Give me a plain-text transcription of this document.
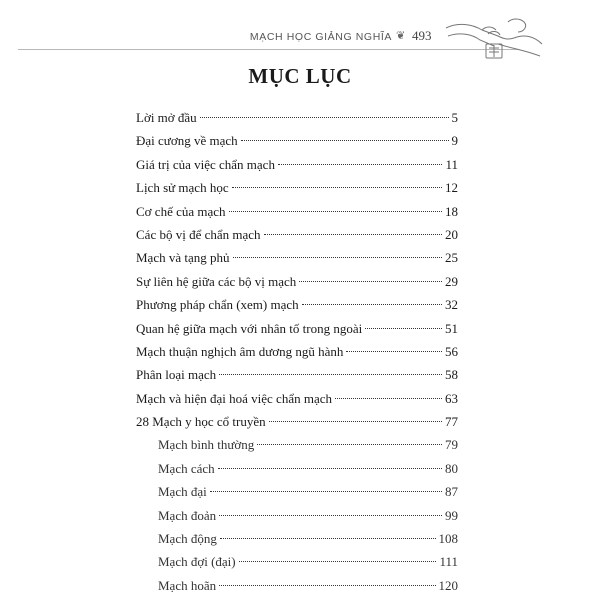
MẠCH HỌC GIẢNG NGHĨA ❦ 493
MỤC LỤC
Lời mở đầu	5
Đại cương về mạch	9
Giá trị của việc chẩn mạch	11
Lịch sử mạch học	12
Cơ chế của mạch	18
Các bộ vị để chẩn mạch	20
Mạch và tạng phủ	25
Sự liên hệ giữa các bộ vị mạch	29
Phương pháp chẩn (xem) mạch	32
Quan hệ giữa mạch với nhân tố trong ngoài	51
Mạch thuận nghịch âm dương ngũ hành	56
Phân loại mạch	58
Mạch và hiện đại hoá việc chẩn mạch	63
28 Mạch y học cổ truyền	77
Mạch bình thường	79
Mạch cách	80
Mạch đại	87
Mạch đoản	99
Mạch động	108
Mạch đợi (đại)	111
Mạch hoãn	120
